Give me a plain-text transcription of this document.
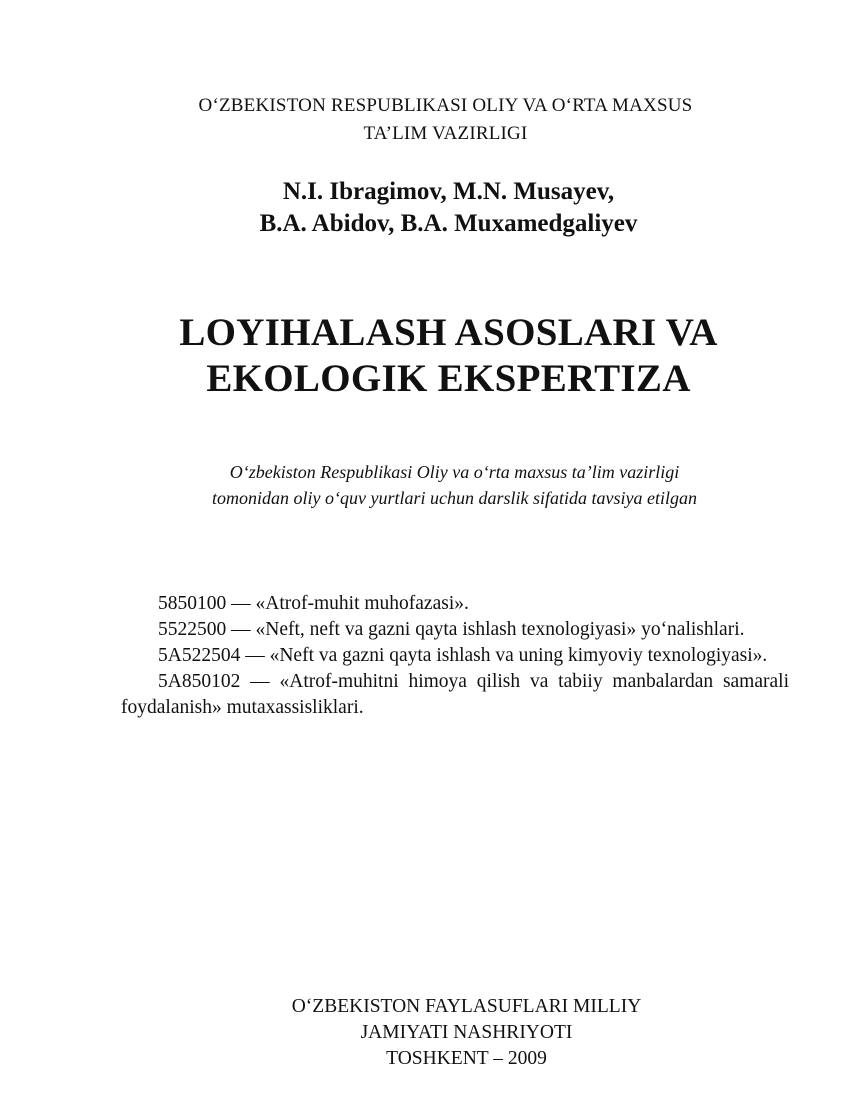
O‘ZBEKISTON RESPUBLIKASI OLIY VA O‘RTA MAXSUS
TA’LIM VAZIRLIGI
N.I. Ibragimov, M.N. Musayev,
B.A. Abidov, B.A. Muxamedgaliyev
LOYIHALASH ASOSLARI VA
EKOLOGIK EKSPERTIZA
O‘zbekiston Respublikasi Oliy va o‘rta maxsus ta’lim vazirligi
tomonidan oliy o‘quv yurtlari uchun darslik sifatida tavsiya etilgan

5850100 — «Atrof-muhit muhofazasi».

5522500 — «Neft, neft va gazni qayta ishlash texnologiyasi» yo‘nalishlari.

5A522504 — «Neft va gazni qayta ishlash va uning kimyoviy texnologiyasi».

5A850102 — «Atrof-muhitni himoya qilish va tabiiy manbalardan samarali foydalanish» mutaxassisliklari.

O‘ZBEKISTON FAYLASUFLARI MILLIY
JAMIYATI NASHRIYOTI
TOSHKENT – 2009
